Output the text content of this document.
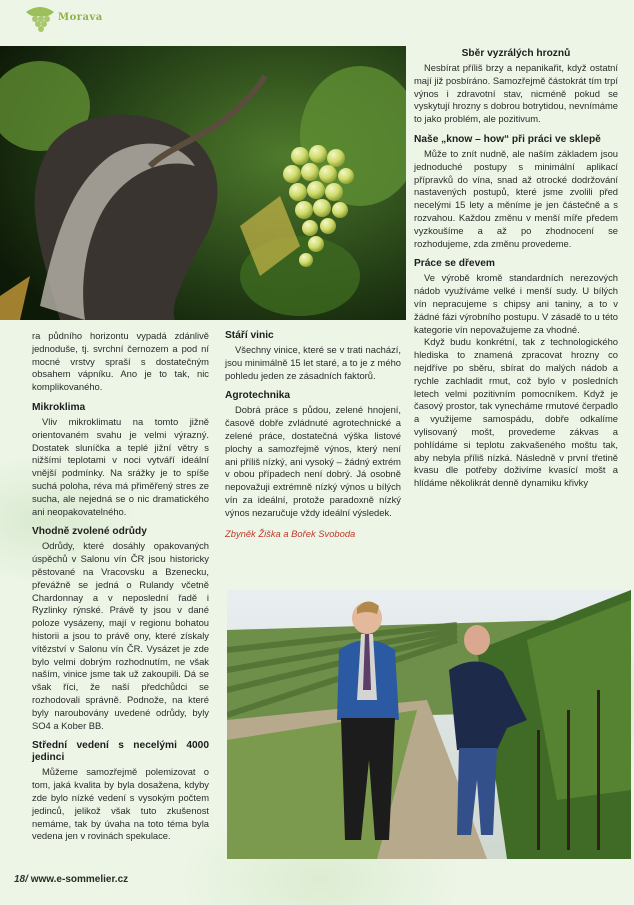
Morava
Sběr vyzrálých hroznů

Nesbírat příliš brzy a nepanikařit, když ostatní mají již posbíráno. Samozřejmě částokrát tím trpí výnos i zdravotní stav, nicméně pokud se vyskytují hrozny s dobrou botrytidou, nevnímáme to jako problém, ale pozitivum.

Naše „know – how“ při práci ve sklepě

Může to znít nudně, ale naším základem jsou jednoduché postupy s minimální aplikací přípravků do vína, snad až otrocké dodržování nastavených postupů, které jsme zvolili před necelými 15 lety a měníme je jen částečně a s rozvahou. Každou změnu v menší míře předem vyzkoušíme a až po zhodnocení se rozhodujeme, zda změnu provedeme.

Práce se dřevem

Ve výrobě kromě standardních nerezových nádob využíváme velké i menší sudy. U bílých vín nepracujeme s chipsy ani taniny, a to v žádné fázi výrobního postupu. V zásadě to u této kategorie vín nepovažujeme za vhodné.

Když budu konkrétní, tak z technologického hlediska to znamená zpracovat hrozny co nejdříve po sběru, sbírat do malých nádob a rychle zachladit rmut, což bylo v posledních letech velmi pozitivním pomocníkem. Když je časový prostor, tak vynecháme rmutové čerpadlo a využijeme samospádu, dobře odkalíme vylisovaný mošt, provedeme zákvas a pohlídáme si teplotu zakvašeného moštu tak, aby nebyla příliš nízká. Následně v první třetině kvasu dle potřeby doživíme kvasící mošt a hlídáme několikrát denně dynamiku křivky

ra půdního horizontu vypadá zdánlivě jednoduše, tj. svrchní černozem a pod ní mocné vrstvy spraší s dostatečným obsahem vápníku. Ano je to tak, nic komplikovaného.

Mikroklima

Vliv mikroklimatu na tomto jižně orientovaném svahu je velmi výrazný. Dostatek sluníčka a teplé jižní větry s nižšími teplotami v noci vytváří ideální vnější podmínky. Na srážky je to spíše suchá poloha, réva má přiměřený stres ze sucha, ale nejedná se o nic dramatického ani neopakovatelného.

Vhodně zvolené odrůdy

Odrůdy, které dosáhly opakovaných úspěchů v Salonu vín ČR jsou historicky pěstované na Vracovsku a Bzenecku, převážně se jedná o Rulandy včetně Chardonnay a v neposlední řadě i Ryzlinky rýnské. Právě ty jsou v dané poloze vysázeny, mají v regionu bohatou historii a jsou to právě ony, které získaly vítězství v Salonu vín ČR. Vysázet je zde bylo velmi dobrým rozhodnutím, ne však naším, vinice jsme tak už zakoupili. Dá se však říci, že naší předchůdci se rozhodovali správně. Podnože, na které byly naroubovány uvedené odrůdy, byly SO4 a Kober BB.

Střední vedení s necelými 4000 jedinci

Můžeme samozřejmě polemizovat o tom, jaká kvalita by byla dosažena, kdyby zde bylo nízké vedení s vysokým počtem jedinců, jelikož však tuto zkušenost nemáme, tak by úvaha na toto téma byla vedena jen v rovinách spekulace.

Stáří vinic

Všechny vinice, které se v trati nachází, jsou minimálně 15 let staré, a to je z mého pohledu jeden ze zásadních faktorů.

Agrotechnika

Dobrá práce s půdou, zelené hnojení, časově dobře zvládnuté agrotechnické a zelené práce, dostatečná výška listové plochy a samozřejmě výnos, který není ani příliš nízký, ani vysoký – žádný extrém v obou případech není dobrý. Já osobně nepovažuji extrémně nízký výnos u bílých vín za ideální, protože paradoxně nízký výnos nezaručuje vždy ideální výsledek.

Zbyněk Žiška a Bořek Svoboda

18/ www.e-sommelier.cz
